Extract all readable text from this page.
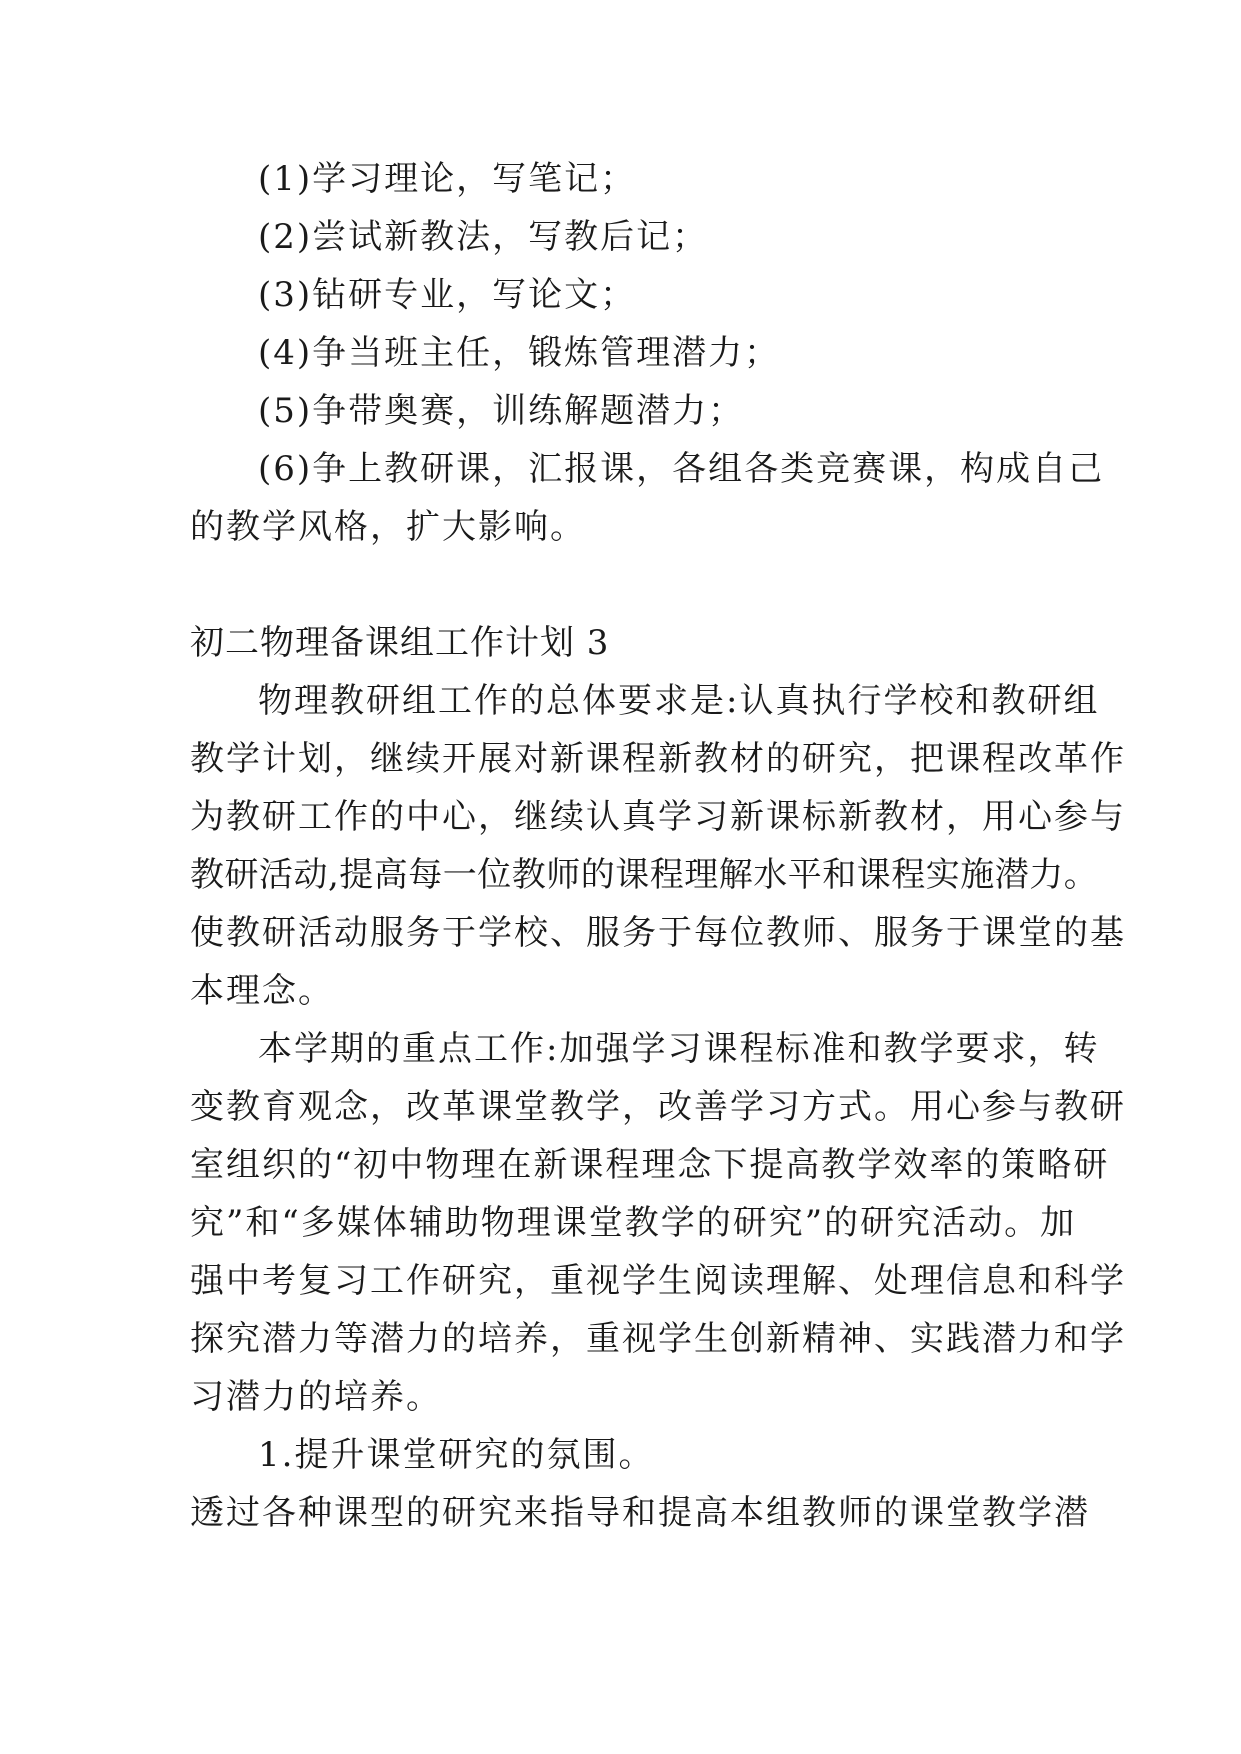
(1)学习理论，写笔记；
(2)尝试新教法，写教后记；
(3)钻研专业，写论文；
(4)争当班主任，锻炼管理潜力；
(5)争带奥赛，训练解题潜力；
(6)争上教研课，汇报课，各组各类竞赛课，构成自己
的教学风格，扩大影响。
初二物理备课组工作计划 3
物理教研组工作的总体要求是:认真执行学校和教研组
教学计划，继续开展对新课程新教材的研究，把课程改革作
为教研工作的中心，继续认真学习新课标新教材，用心参与
教研活动,提高每一位教师的课程理解水平和课程实施潜力。
使教研活动服务于学校、服务于每位教师、服务于课堂的基
本理念。
本学期的重点工作:加强学习课程标准和教学要求，转
变教育观念，改革课堂教学，改善学习方式。用心参与教研
室组织的“初中物理在新课程理念下提高教学效率的策略研
究”和“多媒体辅助物理课堂教学的研究”的研究活动。加
强中考复习工作研究，重视学生阅读理解、处理信息和科学
探究潜力等潜力的培养，重视学生创新精神、实践潜力和学
习潜力的培养。
1.提升课堂研究的氛围。
透过各种课型的研究来指导和提高本组教师的课堂教学潜
